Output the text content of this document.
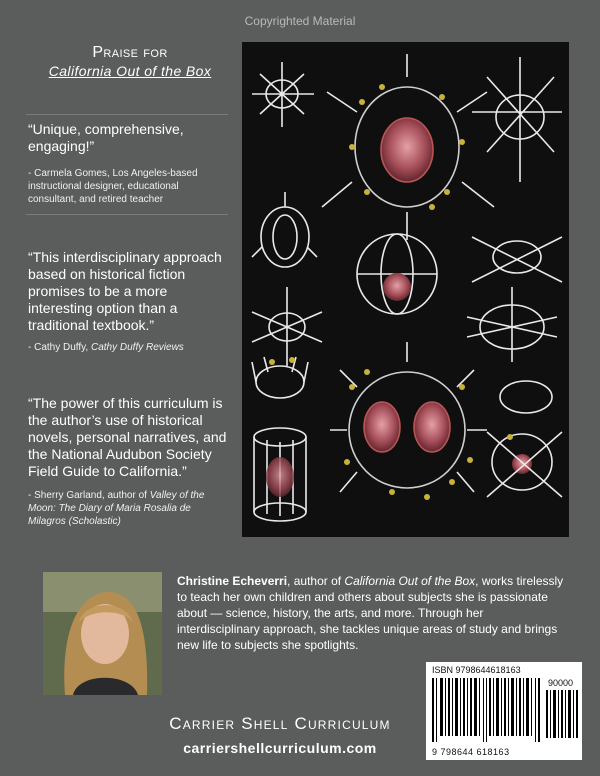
Copyrighted Material
Praise for
California Out of the Box
“Unique, comprehensive, engaging!”
- Carmela Gomes, Los Angeles-based instructional designer, educational consultant, and retired teacher
“This interdisciplinary approach based on historical fiction promises to be a more interesting option than a traditional textbook.”
- Cathy Duffy, Cathy Duffy Reviews
“The power of this curriculum is the author’s use of historical novels, personal narratives, and the National Audubon Society Field Guide to California.”
- Sherry Garland, author of Valley of the Moon: The Diary of Maria Rosalia de Milagros (Scholastic)
Christine Echeverri, author of California Out of the Box, works tirelessly to teach her own children and others about subjects she is passionate about — science, history, the arts, and more. Through her interdisciplinary approach, she tackles unique areas of study and brings new life to subjects she spotlights.
Carrier Shell Curriculum
carriershellcurriculum.com
ISBN 9798644618163
90000
9 798644 618163
